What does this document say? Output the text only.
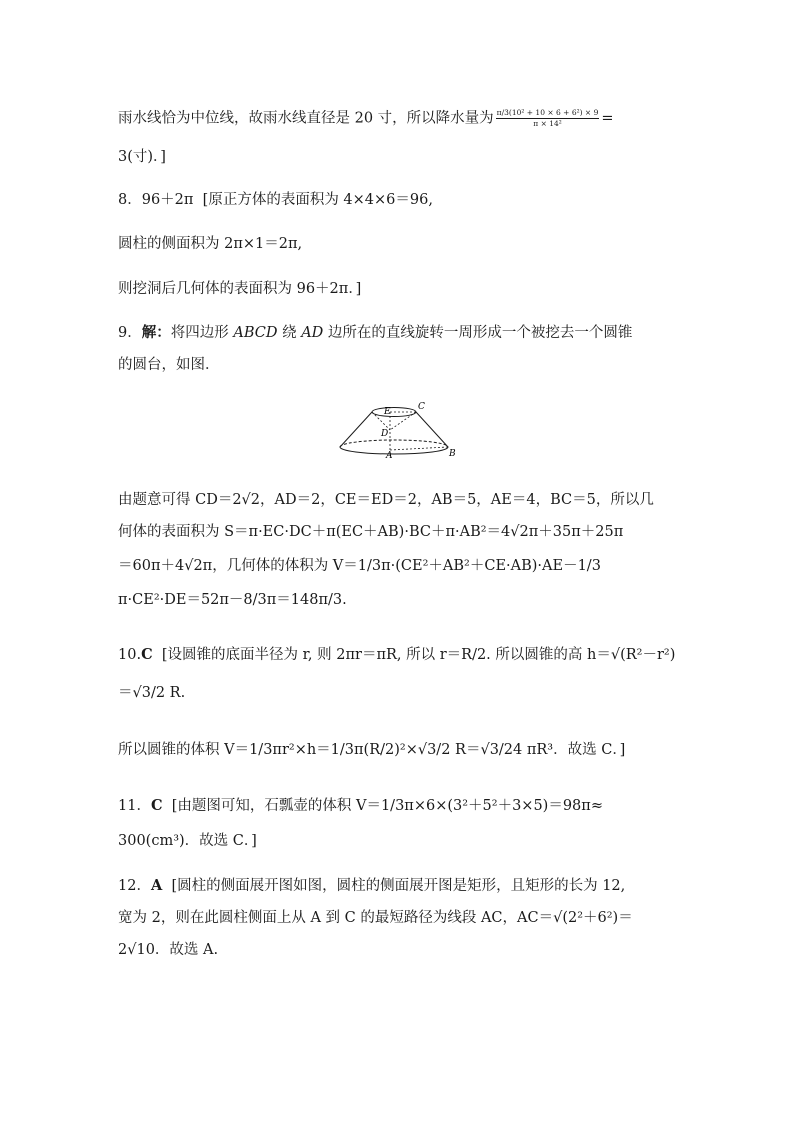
雨水线恰为中位线，故雨水线直径是 20 寸，所以降水量为 $\frac{\text{π/3(10² + 10 × 6 + 6²) × 9}}{\text{π × 14²}}$ =
3(寸)．]
8．96＋2π [原正方体的表面积为 4×4×6＝96,
圆柱的侧面积为 2π×1＝2π,
则挖洞后几何体的表面积为 96＋2π．]
9．解：将四边形 ABCD 绕 AD 边所在的直线旋转一周形成一个被挖去一个圆锥
的圆台，如图．
E	C
D
A	B
由题意可得 CD＝2√2，AD＝2，CE＝ED＝2，AB＝5，AE＝4，BC＝5，所以几
何体的表面积为 S＝π·EC·DC＋π(EC＋AB)·BC＋π·AB²＝4√2π＋35π＋25π
＝60π＋4√2π，几何体的体积为 V＝1/3π·(CE²＋AB²＋CE·AB)·AE－1/3
π·CE²·DE＝52π－8/3π＝148π/3.
10.C [设圆锥的底面半径为 r, 则 2πr＝πR, 所以 r＝R/2. 所以圆锥的高 h＝√(R²－r²)
＝√3/2 R.
所以圆锥的体积 V＝1/3πr²×h＝1/3π(R/2)²×√3/2 R＝√3/24 πR³．故选 C．]
11．C [由题图可知，石瓢壶的体积 V＝1/3π×6×(3²＋5²＋3×5)＝98π≈
300(cm³)．故选 C．]
12．A [圆柱的侧面展开图如图，圆柱的侧面展开图是矩形，且矩形的长为 12,
宽为 2，则在此圆柱侧面上从 A 到 C 的最短路径为线段 AC，AC＝√(2²＋6²)＝
2√10．故选 A.
